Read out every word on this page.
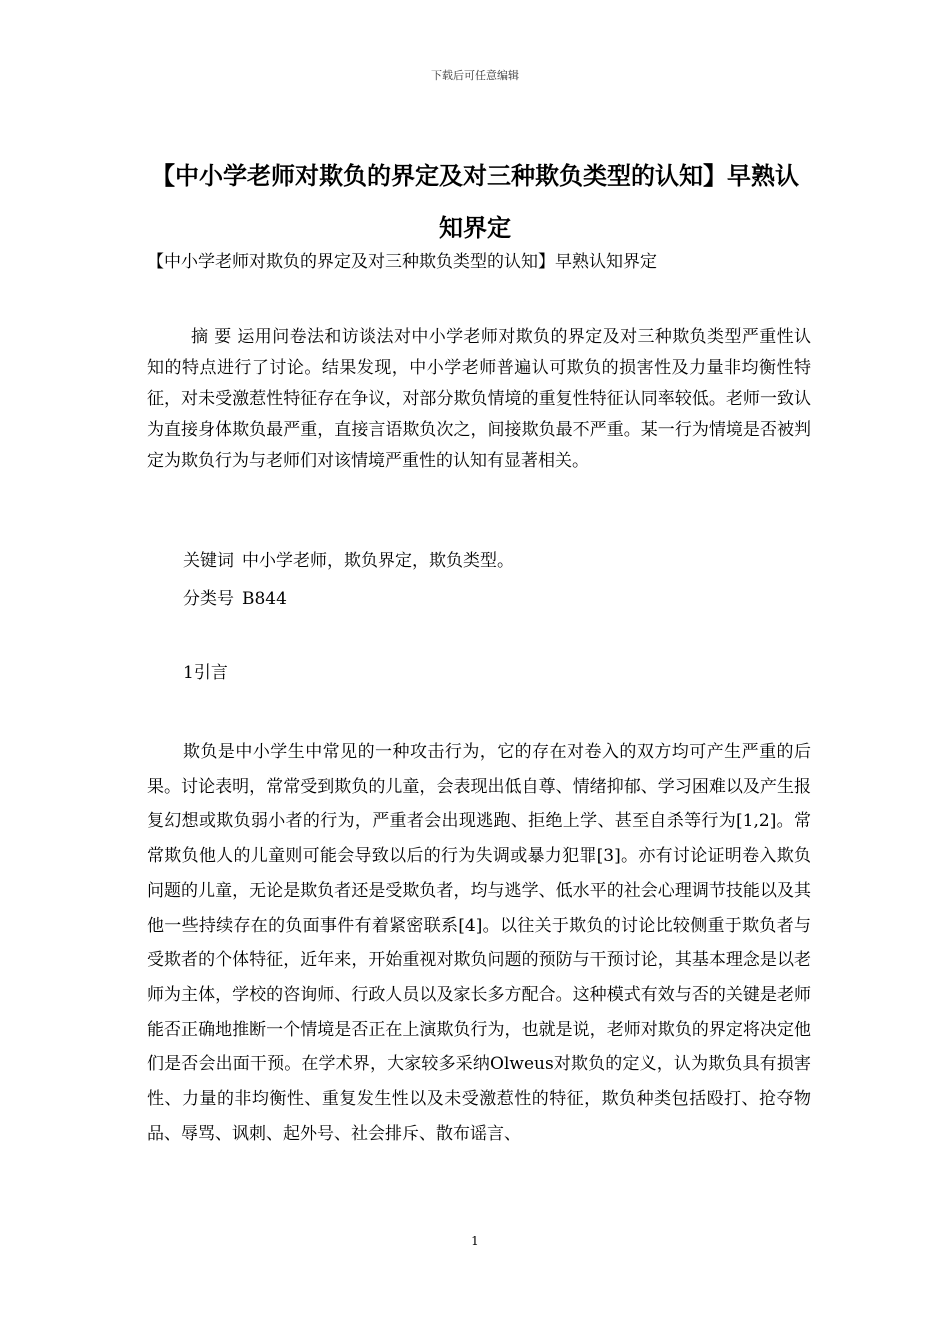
下载后可任意编辑
【中小学老师对欺负的界定及对三种欺负类型的认知】早熟认知界定

【中小学老师对欺负的界定及对三种欺负类型的认知】早熟认知界定

摘 要 运用问卷法和访谈法对中小学老师对欺负的界定及对三种欺负类型严重性认知的特点进行了讨论。结果发现，中小学老师普遍认可欺负的损害性及力量非均衡性特征，对未受激惹性特征存在争议，对部分欺负情境的重复性特征认同率较低。老师一致认为直接身体欺负最严重，直接言语欺负次之，间接欺负最不严重。某一行为情境是否被判定为欺负行为与老师们对该情境严重性的认知有显著相关。

关键词 中小学老师，欺负界定，欺负类型。

分类号 B844

1引言

欺负是中小学生中常见的一种攻击行为，它的存在对卷入的双方均可产生严重的后果。讨论表明，常常受到欺负的儿童，会表现出低自尊、情绪抑郁、学习困难以及产生报复幻想或欺负弱小者的行为，严重者会出现逃跑、拒绝上学、甚至自杀等行为[1,2]。常常欺负他人的儿童则可能会导致以后的行为失调或暴力犯罪[3]。亦有讨论证明卷入欺负问题的儿童，无论是欺负者还是受欺负者，均与逃学、低水平的社会心理调节技能以及其他一些持续存在的负面事件有着紧密联系[4]。以往关于欺负的讨论比较侧重于欺负者与受欺者的个体特征，近年来，开始重视对欺负问题的预防与干预讨论，其基本理念是以老师为主体，学校的咨询师、行政人员以及家长多方配合。这种模式有效与否的关键是老师能否正确地推断一个情境是否正在上演欺负行为，也就是说，老师对欺负的界定将决定他们是否会出面干预。在学术界，大家较多采纳Olweus对欺负的定义，认为欺负具有损害性、力量的非均衡性、重复发生性以及未受激惹性的特征，欺负种类包括殴打、抢夺物品、辱骂、讽刺、起外号、社会排斥、散布谣言、

1
